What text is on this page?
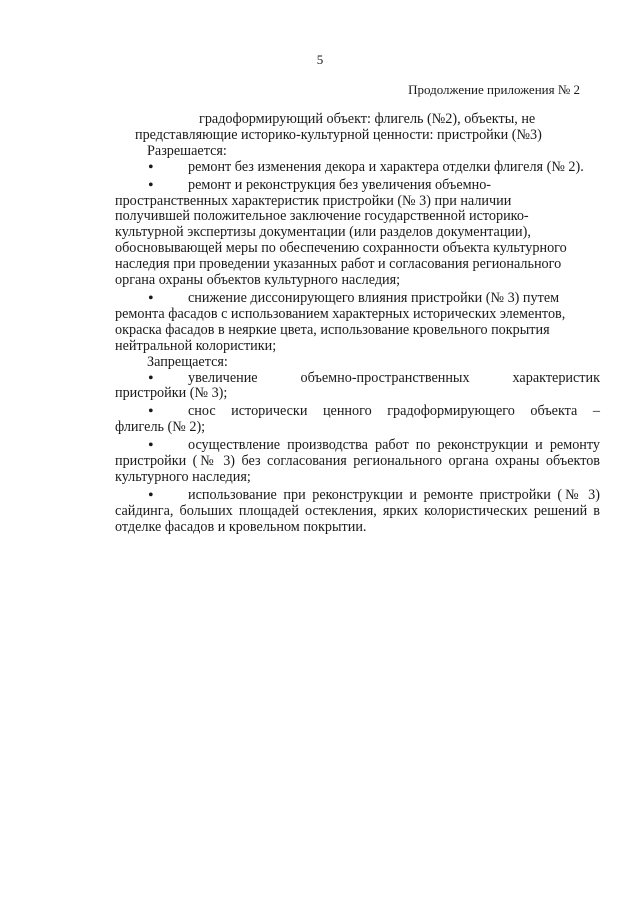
5
Продолжение приложения № 2
градоформирующий объект: флигель (№2), объекты, не
представляющие историко-культурной ценности: пристройки (№3)
Разрешается:
•	ремонт без изменения декора и характера отделки флигеля (№ 2).
•	ремонт и реконструкция без увеличения объемно-
пространственных характеристик пристройки (№ 3) при наличии
получившей положительное заключение государственной историко-
культурной экспертизы документации (или разделов документации),
обосновывающей меры по обеспечению сохранности объекта культурного
наследия при проведении указанных работ и согласования регионального
органа охраны объектов культурного наследия;
•	снижение диссонирующего влияния пристройки (№ 3) путем
ремонта фасадов с использованием характерных исторических элементов,
окраска фасадов в неяркие цвета, использование кровельного покрытия
нейтральной колористики;
Запрещается:
•	увеличение объемно-пространственных характеристик
пристройки (№ 3);
•	снос исторически ценного градоформирующего объекта –
флигель (№ 2);
•	осуществление производства работ по реконструкции и ремонту
пристройки (№ 3) без согласования регионального органа охраны объектов
культурного наследия;
•	использование при реконструкции и ремонте пристройки (№ 3)
сайдинга, больших площадей остекления, ярких колористических решений в
отделке фасадов и кровельном покрытии.
